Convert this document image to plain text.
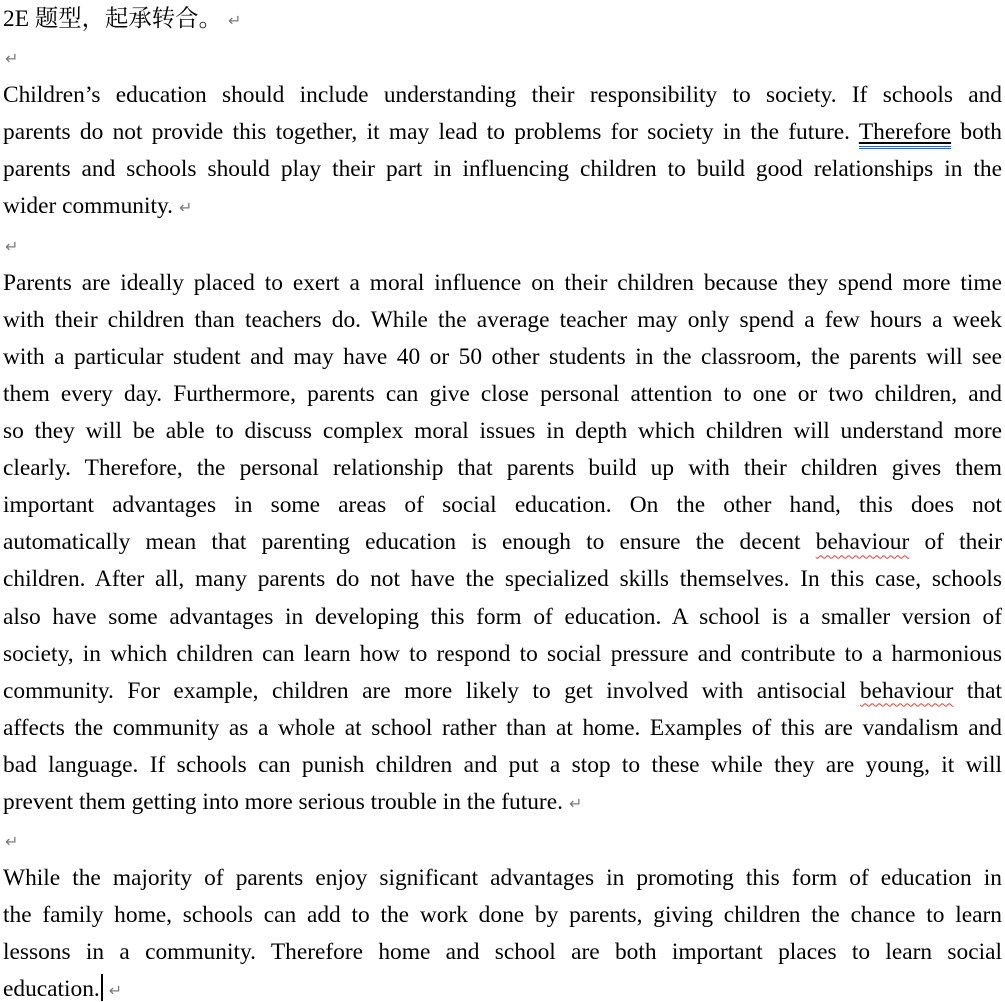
2E 题型，起承转合。 ↵
↵
Children’s education should include understanding their responsibility to society. If schools and
parents do not provide this together, it may lead to problems for society in the future. Therefore both
parents and schools should play their part in influencing children to build good relationships in the
wider community. ↵
↵
Parents are ideally placed to exert a moral influence on their children because they spend more time
with their children than teachers do. While the average teacher may only spend a few hours a week
with a particular student and may have 40 or 50 other students in the classroom, the parents will see
them every day. Furthermore, parents can give close personal attention to one or two children, and
so they will be able to discuss complex moral issues in depth which children will understand more
clearly. Therefore, the personal relationship that parents build up with their children gives them
important advantages in some areas of social education. On the other hand, this does not
automatically mean that parenting education is enough to ensure the decent behaviour of their
children. After all, many parents do not have the specialized skills themselves. In this case, schools
also have some advantages in developing this form of education. A school is a smaller version of
society, in which children can learn how to respond to social pressure and contribute to a harmonious
community. For example, children are more likely to get involved with antisocial behaviour that
affects the community as a whole at school rather than at home. Examples of this are vandalism and
bad language. If schools can punish children and put a stop to these while they are young, it will
prevent them getting into more serious trouble in the future. ↵
↵
While the majority of parents enjoy significant advantages in promoting this form of education in
the family home, schools can add to the work done by parents, giving children the chance to learn
lessons in a community. Therefore home and school are both important places to learn social
education. ↵
